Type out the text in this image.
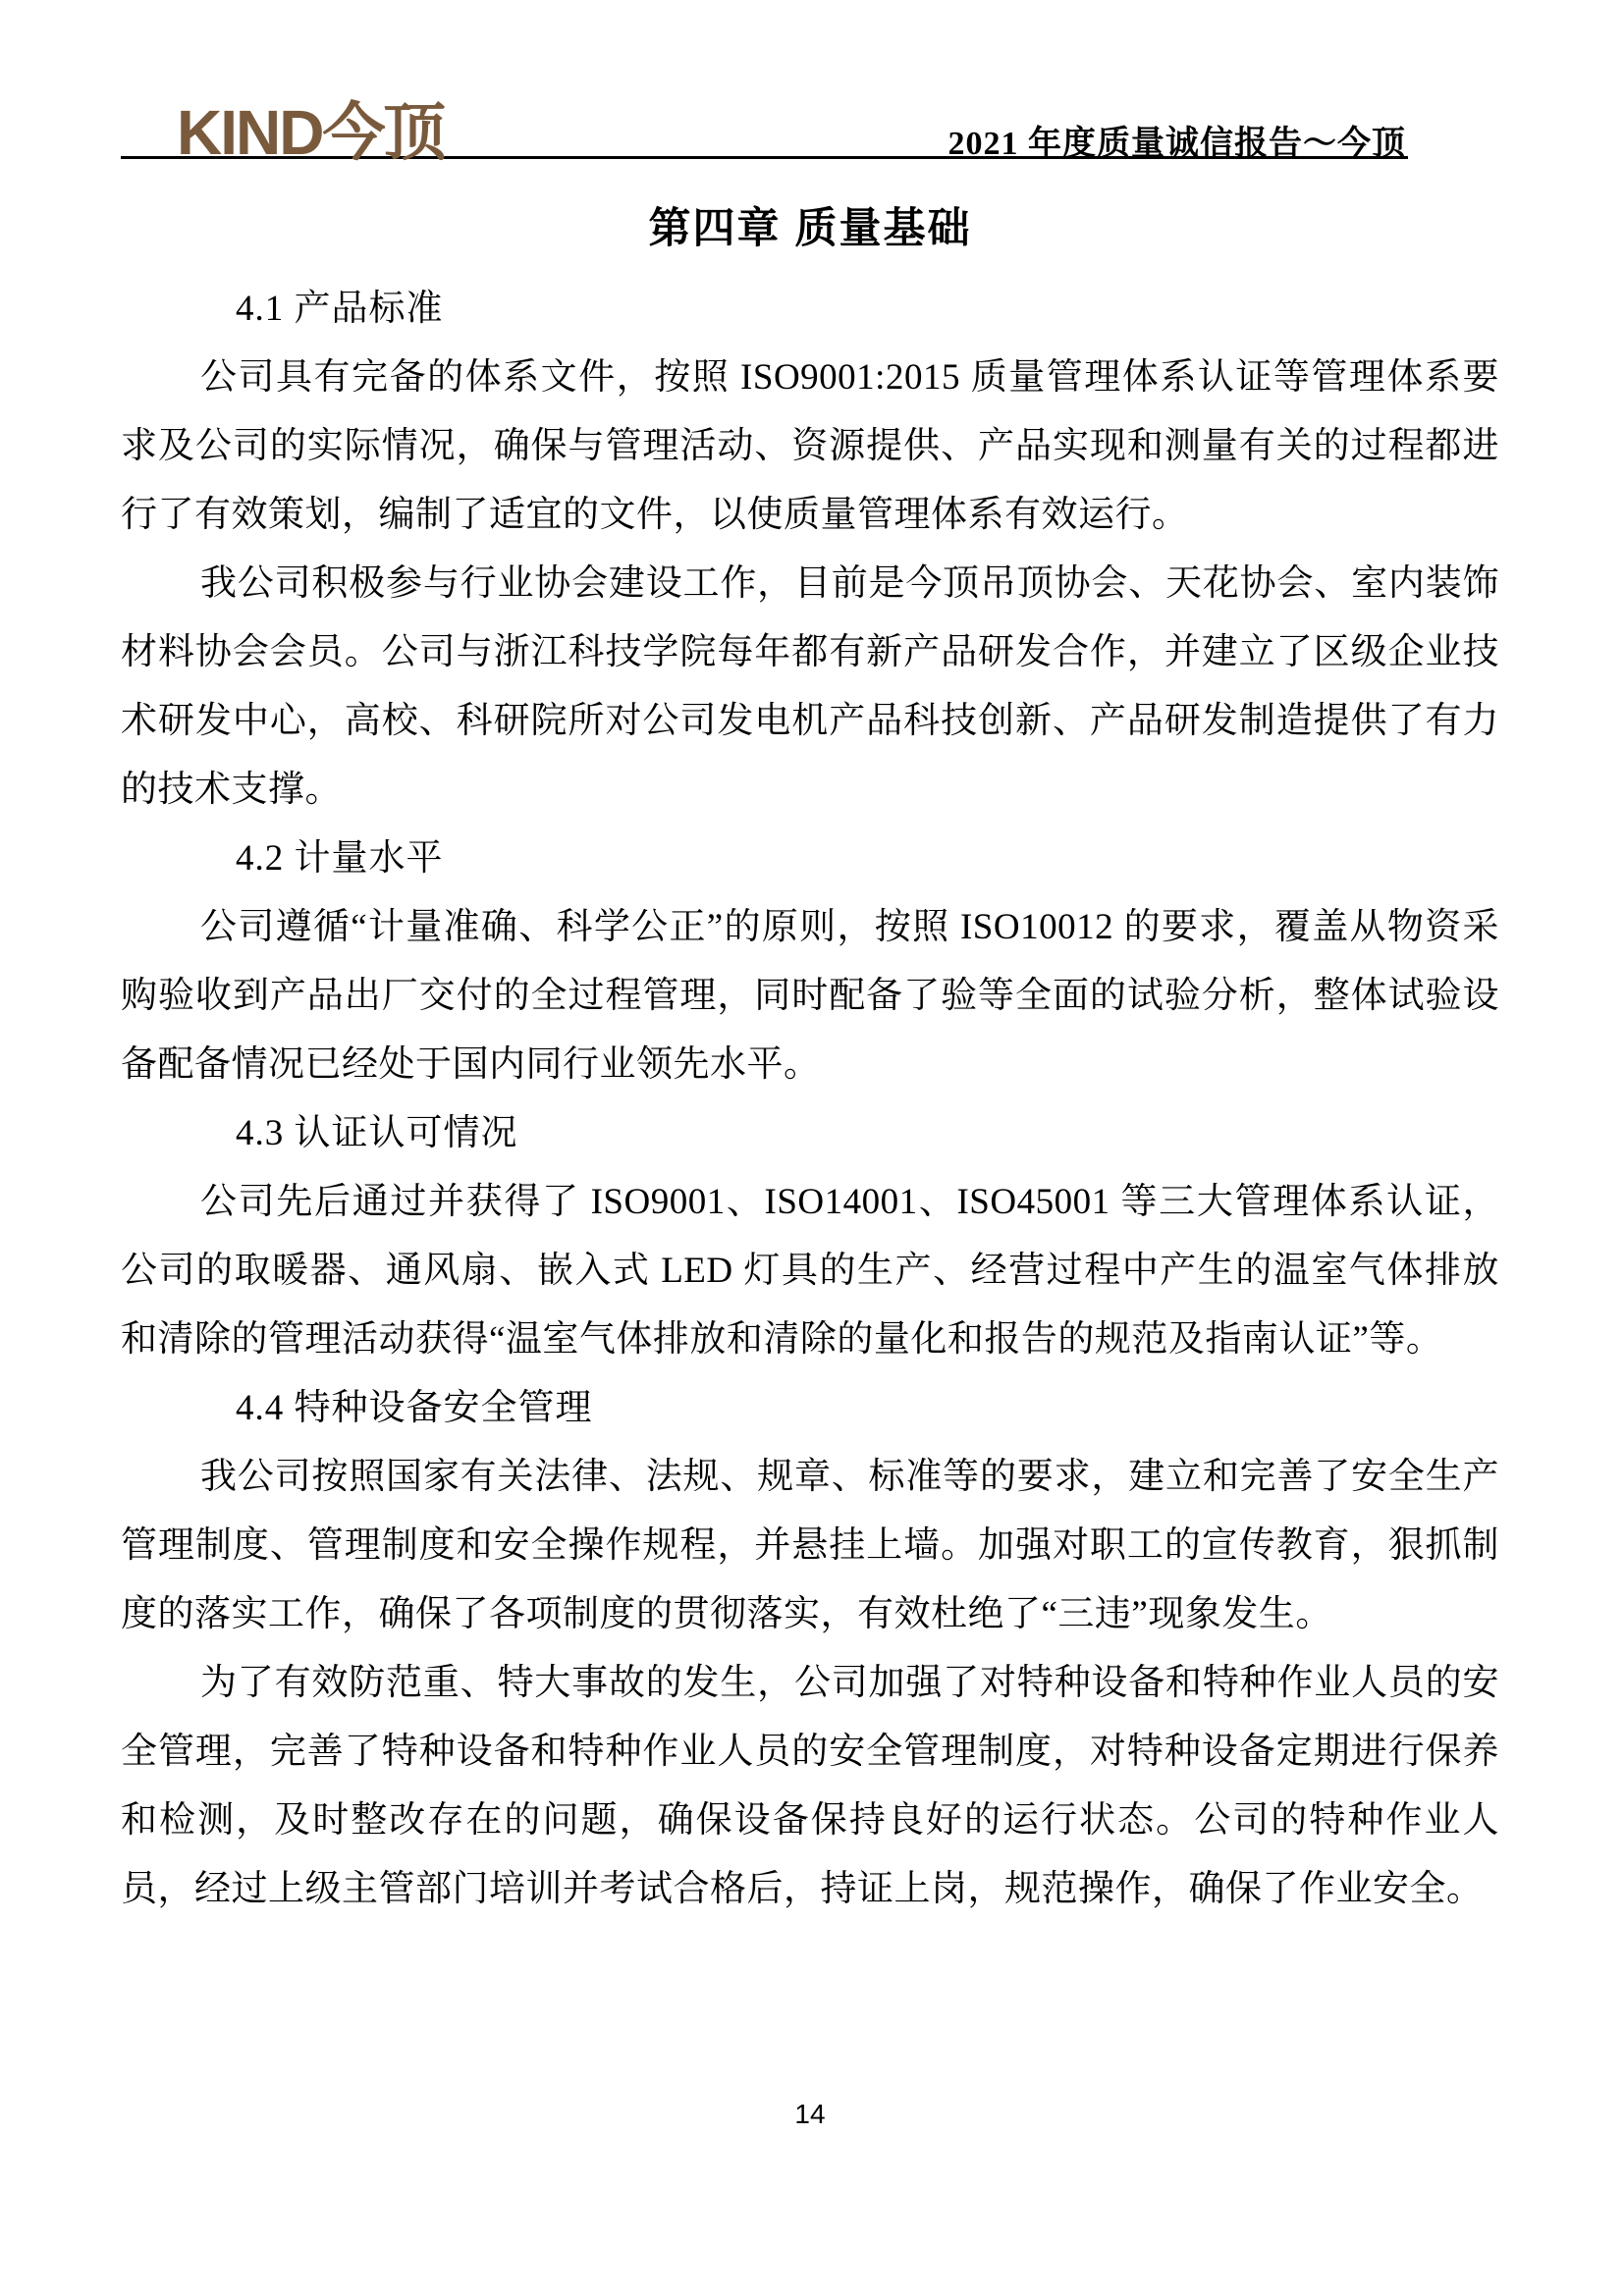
KIND今顶	2021 年度质量诚信报告～今顶
第四章 质量基础
4.1 产品标准

公司具有完备的体系文件，按照 ISO9001:2015 质量管理体系认证等管理体系要求及公司的实际情况，确保与管理活动、资源提供、产品实现和测量有关的过程都进行了有效策划，编制了适宜的文件，以使质量管理体系有效运行。

我公司积极参与行业协会建设工作，目前是今顶吊顶协会、天花协会、室内装饰材料协会会员。公司与浙江科技学院每年都有新产品研发合作，并建立了区级企业技术研发中心，高校、科研院所对公司发电机产品科技创新、产品研发制造提供了有力的技术支撑。

4.2 计量水平

公司遵循“计量准确、科学公正”的原则，按照 ISO10012 的要求，覆盖从物资采购验收到产品出厂交付的全过程管理，同时配备了验等全面的试验分析，整体试验设备配备情况已经处于国内同行业领先水平。

4.3 认证认可情况

公司先后通过并获得了 ISO9001、ISO14001、ISO45001 等三大管理体系认证，公司的取暖器、通风扇、嵌入式 LED 灯具的生产、经营过程中产生的温室气体排放和清除的管理活动获得“温室气体排放和清除的量化和报告的规范及指南认证”等。

4.4 特种设备安全管理

我公司按照国家有关法律、法规、规章、标准等的要求，建立和完善了安全生产管理制度、管理制度和安全操作规程，并悬挂上墙。加强对职工的宣传教育，狠抓制度的落实工作，确保了各项制度的贯彻落实，有效杜绝了“三违”现象发生。

为了有效防范重、特大事故的发生，公司加强了对特种设备和特种作业人员的安全管理，完善了特种设备和特种作业人员的安全管理制度，对特种设备定期进行保养和检测，及时整改存在的问题，确保设备保持良好的运行状态。公司的特种作业人员，经过上级主管部门培训并考试合格后，持证上岗，规范操作，确保了作业安全。

14
